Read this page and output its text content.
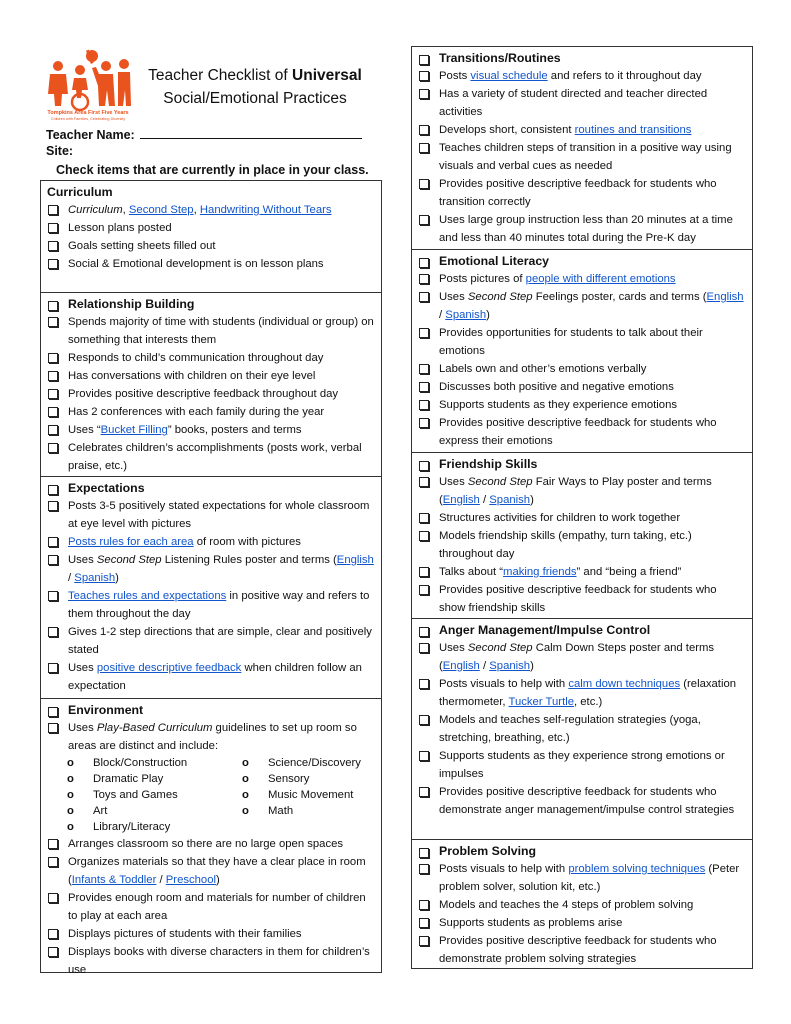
Tompkins Area First Five Years
Children with Families, Celebrating Diversity
Teacher Checklist of Universal
Social/Emotional Practices
Teacher Name:
Site:
Check items that are currently in place in your class.
Curriculum
Curriculum, Second Step, Handwriting Without Tears
Lesson plans posted
Goals setting sheets filled out
Social & Emotional development is on lesson plans
Relationship Building
Spends majority of time with students (individual or group) on something that interests them
Responds to child’s communication throughout day
Has conversations with children on their eye level
Provides positive descriptive feedback throughout day
Has 2 conferences with each family during the year
Uses “Bucket Filling” books, posters and terms
Celebrates children’s accomplishments (posts work, verbal praise, etc.)
Expectations
Posts 3-5 positively stated expectations for whole classroom at eye level with pictures
Posts rules for each area of room with pictures
Uses Second Step Listening Rules poster and terms (English / Spanish)
Teaches rules and expectations in positive way and refers to them throughout the day
Gives 1-2 step directions that are simple, clear and positively stated
Uses positive descriptive feedback when children follow an expectation
Environment
Uses Play-Based Curriculum guidelines to set up room so areas are distinct and include:
o	Block/Construction	o	Science/Discovery
o	Dramatic Play	o	Sensory
o	Toys and Games	o	Music Movement
o	Art	o	Math
o	Library/Literacy
Arranges classroom so there are no large open spaces
Organizes materials so that they have a clear place in room (Infants & Toddler / Preschool)
Provides enough room and materials for number of children to play at each area
Displays pictures of students with their families
Displays books with diverse characters in them for children’s use
Transitions/Routines
Posts visual schedule and refers to it throughout day
Has a variety of student directed and teacher directed activities
Develops short, consistent routines and transitions
Teaches children steps of transition in a positive way using visuals and verbal cues as needed
Provides positive descriptive feedback for students who transition correctly
Uses large group instruction less than 20 minutes at a time and less than 40 minutes total during the Pre-K day
Emotional Literacy
Posts pictures of people with different emotions
Uses Second Step Feelings poster, cards and terms (English / Spanish)
Provides opportunities for students to talk about their emotions
Labels own and other’s emotions verbally
Discusses both positive and negative emotions
Supports students as they experience emotions
Provides positive descriptive feedback for students who express their emotions
Friendship Skills
Uses Second Step Fair Ways to Play poster and terms (English / Spanish)
Structures activities for children to work together
Models friendship skills (empathy, turn taking, etc.) throughout day
Talks about “making friends” and “being a friend”
Provides positive descriptive feedback for students who show friendship skills
Anger Management/Impulse Control
Uses Second Step Calm Down Steps poster and terms (English / Spanish)
Posts visuals to help with calm down techniques (relaxation thermometer, Tucker Turtle, etc.)
Models and teaches self-regulation strategies (yoga, stretching, breathing, etc.)
Supports students as they experience strong emotions or impulses
Provides positive descriptive feedback for students who demonstrate anger management/impulse control strategies
Problem Solving
Posts visuals to help with problem solving techniques (Peter problem solver, solution kit, etc.)
Models and teaches the 4 steps of problem solving
Supports students as problems arise
Provides positive descriptive feedback for students who demonstrate problem solving strategies
